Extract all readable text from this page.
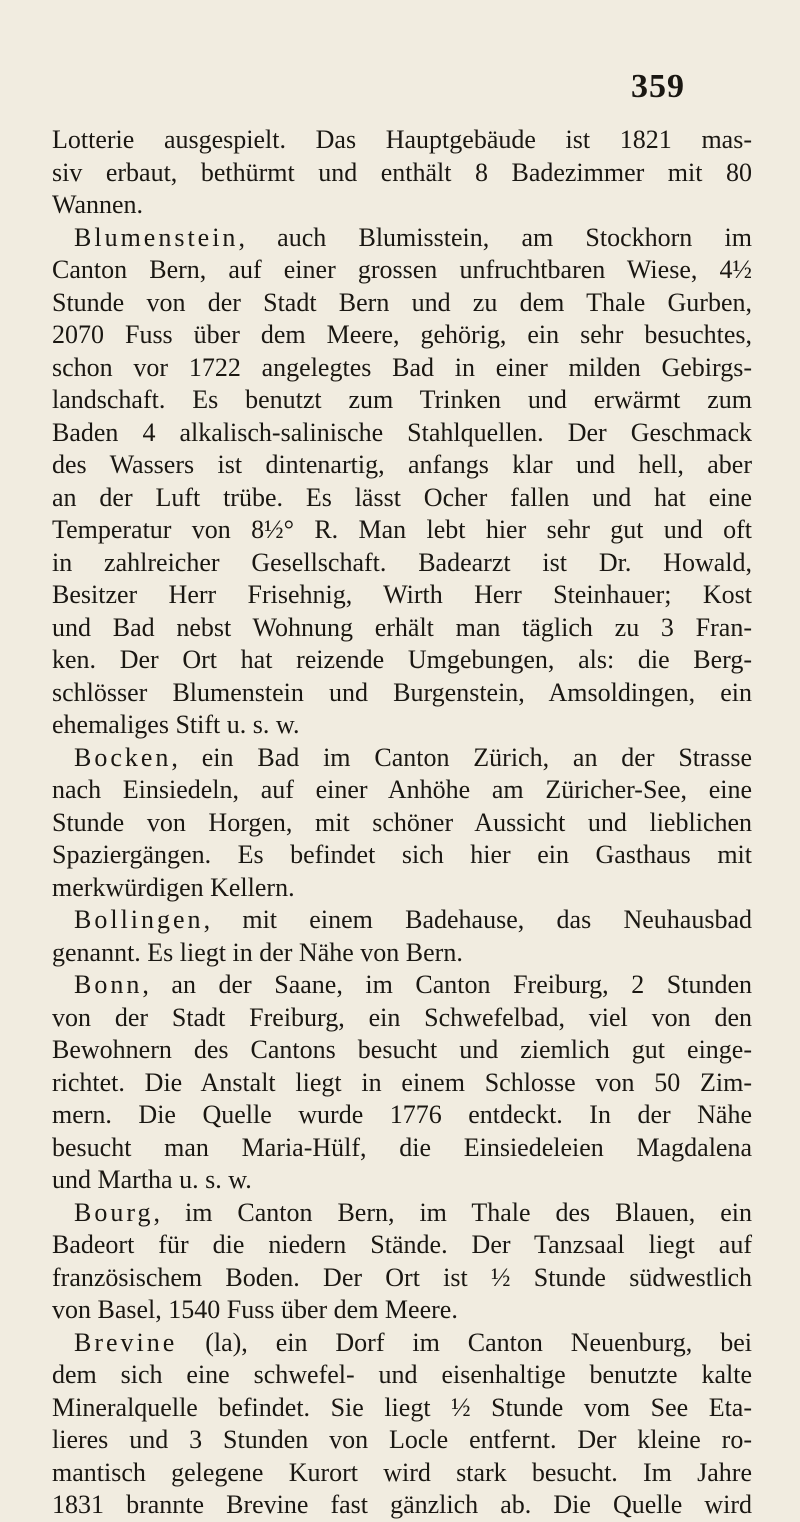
359
Lotterie ausgespielt. Das Hauptgebäude ist 1821 mas-
siv erbaut, bethürmt und enthält 8 Badezimmer mit 80
Wannen.
Blumenstein, auch Blumisstein, am Stockhorn im
Canton Bern, auf einer grossen unfruchtbaren Wiese, 4½
Stunde von der Stadt Bern und zu dem Thale Gurben,
2070 Fuss über dem Meere, gehörig, ein sehr besuchtes,
schon vor 1722 angelegtes Bad in einer milden Gebirgs-
landschaft. Es benutzt zum Trinken und erwärmt zum
Baden 4 alkalisch-salinische Stahlquellen. Der Geschmack
des Wassers ist dintenartig, anfangs klar und hell, aber
an der Luft trübe. Es lässt Ocher fallen und hat eine
Temperatur von 8½° R. Man lebt hier sehr gut und oft
in zahlreicher Gesellschaft. Badearzt ist Dr. Howald,
Besitzer Herr Frisehnig, Wirth Herr Steinhauer; Kost
und Bad nebst Wohnung erhält man täglich zu 3 Fran-
ken. Der Ort hat reizende Umgebungen, als: die Berg-
schlösser Blumenstein und Burgenstein, Amsoldingen, ein
ehemaliges Stift u. s. w.
Bocken, ein Bad im Canton Zürich, an der Strasse
nach Einsiedeln, auf einer Anhöhe am Züricher-See, eine
Stunde von Horgen, mit schöner Aussicht und lieblichen
Spaziergängen. Es befindet sich hier ein Gasthaus mit
merkwürdigen Kellern.
Bollingen, mit einem Badehause, das Neuhausbad
genannt. Es liegt in der Nähe von Bern.
Bonn, an der Saane, im Canton Freiburg, 2 Stunden
von der Stadt Freiburg, ein Schwefelbad, viel von den
Bewohnern des Cantons besucht und ziemlich gut einge-
richtet. Die Anstalt liegt in einem Schlosse von 50 Zim-
mern. Die Quelle wurde 1776 entdeckt. In der Nähe
besucht man Maria-Hülf, die Einsiedeleien Magdalena
und Martha u. s. w.
Bourg, im Canton Bern, im Thale des Blauen, ein
Badeort für die niedern Stände. Der Tanzsaal liegt auf
französischem Boden. Der Ort ist ½ Stunde südwestlich
von Basel, 1540 Fuss über dem Meere.
Brevine (la), ein Dorf im Canton Neuenburg, bei
dem sich eine schwefel- und eisenhaltige benutzte kalte
Mineralquelle befindet. Sie liegt ½ Stunde vom See Eta-
lieres und 3 Stunden von Locle entfernt. Der kleine ro-
mantisch gelegene Kurort wird stark besucht. Im Jahre
1831 brannte Brevine fast gänzlich ab. Die Quelle wird
